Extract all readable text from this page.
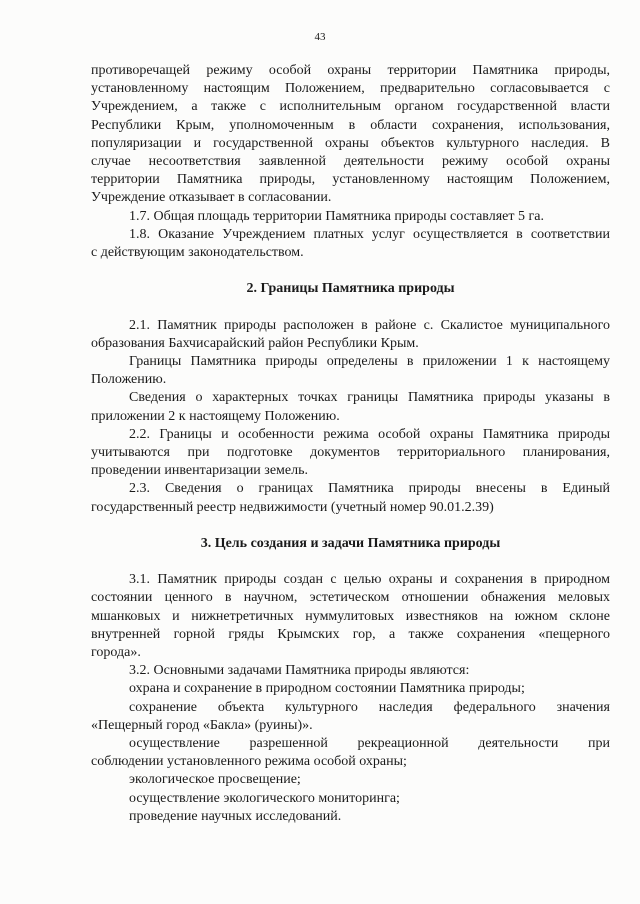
43
противоречащей режиму особой охраны территории Памятника природы,
установленному настоящим Положением, предварительно согласовывается с
Учреждением, а также с исполнительным органом государственной власти
Республики Крым, уполномоченным в области сохранения, использования,
популяризации и государственной охраны объектов культурного наследия. В
случае несоответствия заявленной деятельности режиму особой охраны
территории Памятника природы, установленному настоящим Положением,
Учреждение отказывает в согласовании.
1.7. Общая площадь территории Памятника природы составляет 5 га.
1.8. Оказание Учреждением платных услуг осуществляется в соответствии
с действующим законодательством.
2. Границы Памятника природы
2.1. Памятник природы расположен в районе с. Скалистое муниципального
образования Бахчисарайский район Республики Крым.
Границы Памятника природы определены в приложении 1 к настоящему
Положению.
Сведения о характерных точках границы Памятника природы указаны в
приложении 2 к настоящему Положению.
2.2. Границы и особенности режима особой охраны Памятника природы
учитываются при подготовке документов территориального планирования,
проведении инвентаризации земель.
2.3. Сведения о границах Памятника природы внесены в Единый
государственный реестр недвижимости (учетный номер 90.01.2.39)
3. Цель создания и задачи Памятника природы
3.1. Памятник природы создан с целью охраны и сохранения в природном
состоянии ценного в научном, эстетическом отношении обнажения меловых
мшанковых и нижнетретичных нуммулитовых известняков на южном склоне
внутренней горной гряды Крымских гор, а также сохранения «пещерного
города».
3.2. Основными задачами Памятника природы являются:
охрана и сохранение в природном состоянии Памятника природы;
сохранение объекта культурного наследия федерального значения
«Пещерный город «Бакла» (руины)».
осуществление разрешенной рекреационной деятельности при
соблюдении установленного режима особой охраны;
экологическое просвещение;
осуществление экологического мониторинга;
проведение научных исследований.
